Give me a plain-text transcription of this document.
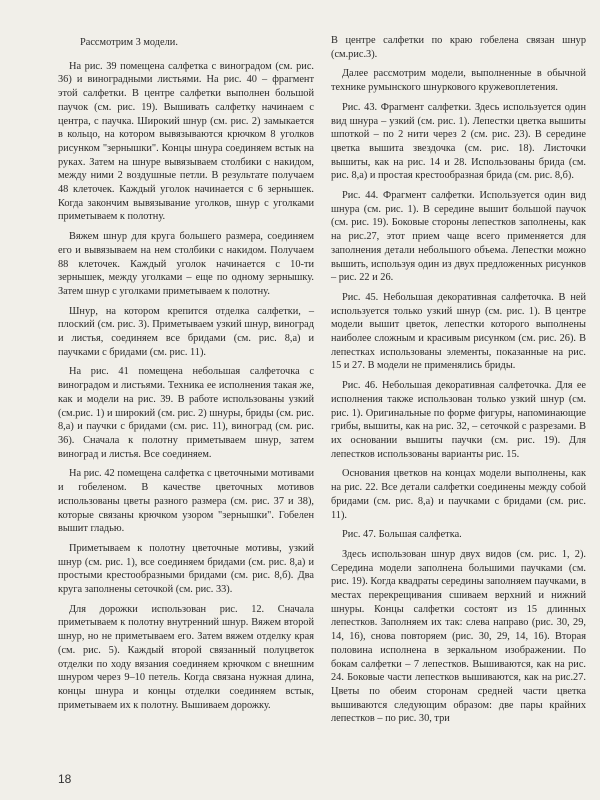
Рассмотрим 3 модели.

На рис. 39 помещена салфетка с виноградом (см. рис. 36) и виноградными листьями. На рис. 40 – фрагмент этой салфетки. В центре салфетки выполнен большой паучок (см. рис. 19). Вышивать салфетку начинаем с центра, с паучка. Широкий шнур (см. рис. 2) замыкается в кольцо, на котором вывязываются крючком 8 уголков рисунком "зернышки". Концы шнура соединяем встык на руках. Затем на шнуре вывязываем столбики с накидом, между ними 2 воздушные петли. В результате получаем 48 клеточек. Каждый уголок начинается с 6 зернышек. Когда закончим вывязывание уголков, шнур с уголками приметываем к полотну.

Вяжем шнур для круга большего размера, соединяем его и вывязываем на нем столбики с накидом. Получаем 88 клеточек. Каждый уголок начинается с 10-ти зернышек, между уголками – еще по одному зернышку. Затем шнур с уголками приметываем к полотну.

Шнур, на котором крепится отделка салфетки, – плоский (см. рис. 3). Приметываем узкий шнур, виноград и листья, соединяем все бридами (см. рис. 8,а) и паучками с бридами (см. рис. 11).

На рис. 41 помещена небольшая салфеточка с виноградом и листьями. Техника ее исполнения такая же, как и модели на рис. 39. В работе использованы узкий (см.рис. 1) и широкий (см. рис. 2) шнуры, бриды (см. рис. 8,а) и паучки с бридами (см. рис. 11), виноград (см. рис. 36). Сначала к полотну приметываем шнур, затем виноград и листья. Все соединяем.

На рис. 42 помещена салфетка с цветочными мотивами и гобеленом. В качестве цветочных мотивов использованы цветы разного размера (см. рис. 37 и 38), которые связаны крючком узором "зернышки". Гобелен вышит гладью.

Приметываем к полотну цветочные мотивы, узкий шнур (см. рис. 1), все соединяем бридами (см. рис. 8,а) и простыми крестообразными бридами (см. рис. 8,б). Два круга заполнены сеточкой (см. рис. 33).

Для дорожки использован рис. 12. Сначала приметываем к полотну внутренний шнур. Вяжем второй шнур, но не приметываем его. Затем вяжем отделку края (см. рис. 5). Каждый второй связанный полуцветок отделки по ходу вязания соединяем крючком с внешним шнуром через 9–10 петель. Когда связана нужная длина, концы шнура и концы отделки соединяем встык, приметываем их к полотну. Вышиваем дорожку.

В центре салфетки по краю гобелена связан шнур (см.рис.3).

Далее рассмотрим модели, выполненные в обычной технике румынского шнуркового кружевоплетения.

Рис. 43. Фрагмент салфетки. Здесь используется один вид шнура – узкий (см. рис. 1). Лепестки цветка вышиты шпоткой – по 2 нити через 2 (см. рис. 23). В середине цветка вышита звездочка (см. рис. 18). Листочки вышиты, как на рис. 14 и 28. Использованы брида (см. рис. 8,а) и простая крестообразная брида (см. рис. 8,б).

Рис. 44. Фрагмент салфетки. Используется один вид шнура (см. рис. 1). В середине вышит большой паучок (см. рис. 19). Боковые стороны лепестков заполнены, как на рис.27, этот прием чаще всего применяется для заполнения детали небольшого объема. Лепестки можно вышить, используя один из двух предложенных рисунков – рис. 22 и 26.

Рис. 45. Небольшая декоративная салфеточка. В ней используется только узкий шнур (см. рис. 1). В центре модели вышит цветок, лепестки которого выполнены наиболее сложным и красивым рисунком (см. рис. 26). В лепестках использованы элементы, показанные на рис. 15 и 27. В модели не применялись бриды.

Рис. 46. Небольшая декоративная салфеточка. Для ее исполнения также использован только узкий шнур (см. рис. 1). Оригинальные по форме фигуры, напоминающие грибы, вышиты, как на рис. 32, – сеточкой с разрезами. В их основании вышиты паучки (см. рис. 19). Для лепестков использованы варианты рис. 15.

Основания цветков на концах модели выполнены, как на рис. 22. Все детали салфетки соединены между собой бридами (см. рис. 8,а) и паучками с бридами (см. рис. 11).

Рис. 47. Большая салфетка.

Здесь использован шнур двух видов (см. рис. 1, 2). Середина модели заполнена большими паучками (см. рис. 19). Когда квадраты середины заполняем паучками, в местах перекрещивания сшиваем верхний и нижний шнуры. Концы салфетки состоят из 15 длинных лепестков. Заполняем их так: слева направо (рис. 30, 29, 14, 16), снова повторяем (рис. 30, 29, 14, 16). Вторая половина исполнена в зеркальном изображении. По бокам салфетки – 7 лепестков. Вышиваются, как на рис. 24. Боковые части лепестков вышиваются, как на рис.27. Цветы по обеим сторонам средней части цветка вышиваются следующим образом: две пары крайних лепестков – по рис. 30, три

18
